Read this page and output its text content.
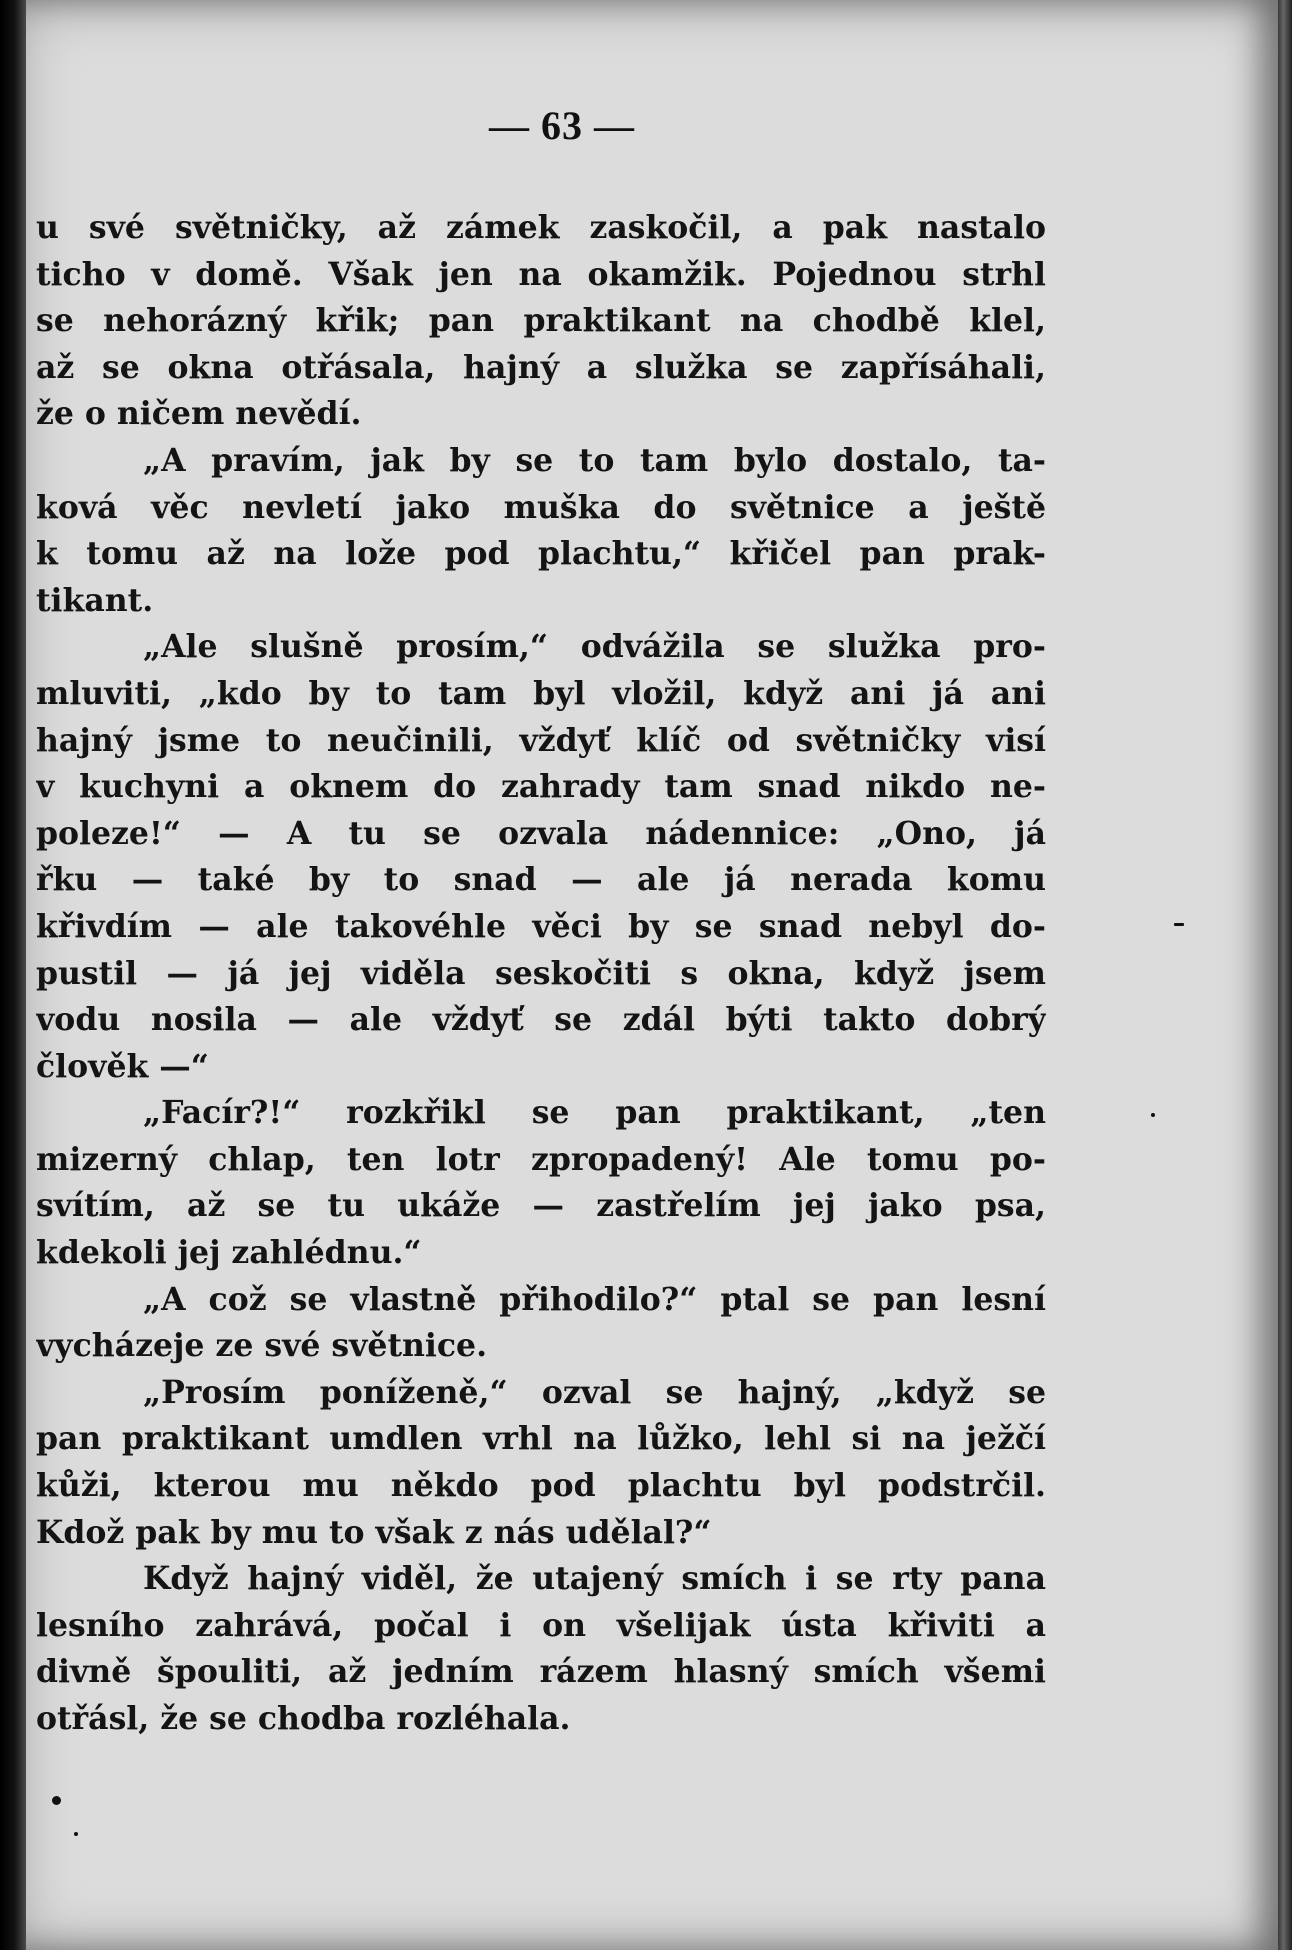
— 63 —
u své světničky, až zámek zaskočil, a pak nastalo
ticho v domě. Však jen na okamžik. Pojednou strhl
se nehorázný křik; pan praktikant na chodbě klel,
až se okna otřásala, hajný a služka se zapřísáhali,
že o ničem nevědí.
„A pravím, jak by se to tam bylo dostalo, ta-
ková věc nevletí jako muška do světnice a ještě
k tomu až na lože pod plachtu,“ křičel pan prak-
tikant.
„Ale slušně prosím,“ odvážila se služka pro-
mluviti, „kdo by to tam byl vložil, když ani já ani
hajný jsme to neučinili, vždyť klíč od světničky visí
v kuchyni a oknem do zahrady tam snad nikdo ne-
poleze!“ — A tu se ozvala nádennice: „Ono, já
řku — také by to snad — ale já nerada komu
křivdím — ale takovéhle věci by se snad nebyl do-
pustil — já jej viděla seskočiti s okna, když jsem
vodu nosila — ale vždyť se zdál býti takto dobrý
člověk —“
„Facír?!“ rozkřikl se pan praktikant, „ten
mizerný chlap, ten lotr zpropadený! Ale tomu po-
svítím, až se tu ukáže — zastřelím jej jako psa,
kdekoli jej zahlédnu.“
„A což se vlastně přihodilo?“ ptal se pan lesní
vycházeje ze své světnice.
„Prosím poníženě,“ ozval se hajný, „když se
pan praktikant umdlen vrhl na lůžko, lehl si na ježčí
kůži, kterou mu někdo pod plachtu byl podstrčil.
Kdož pak by mu to však z nás udělal?“
Když hajný viděl, že utajený smích i se rty pana
lesního zahrává, počal i on všelijak ústa křiviti a
divně špouliti, až jedním rázem hlasný smích všemi
otřásl, že se chodba rozléhala.
